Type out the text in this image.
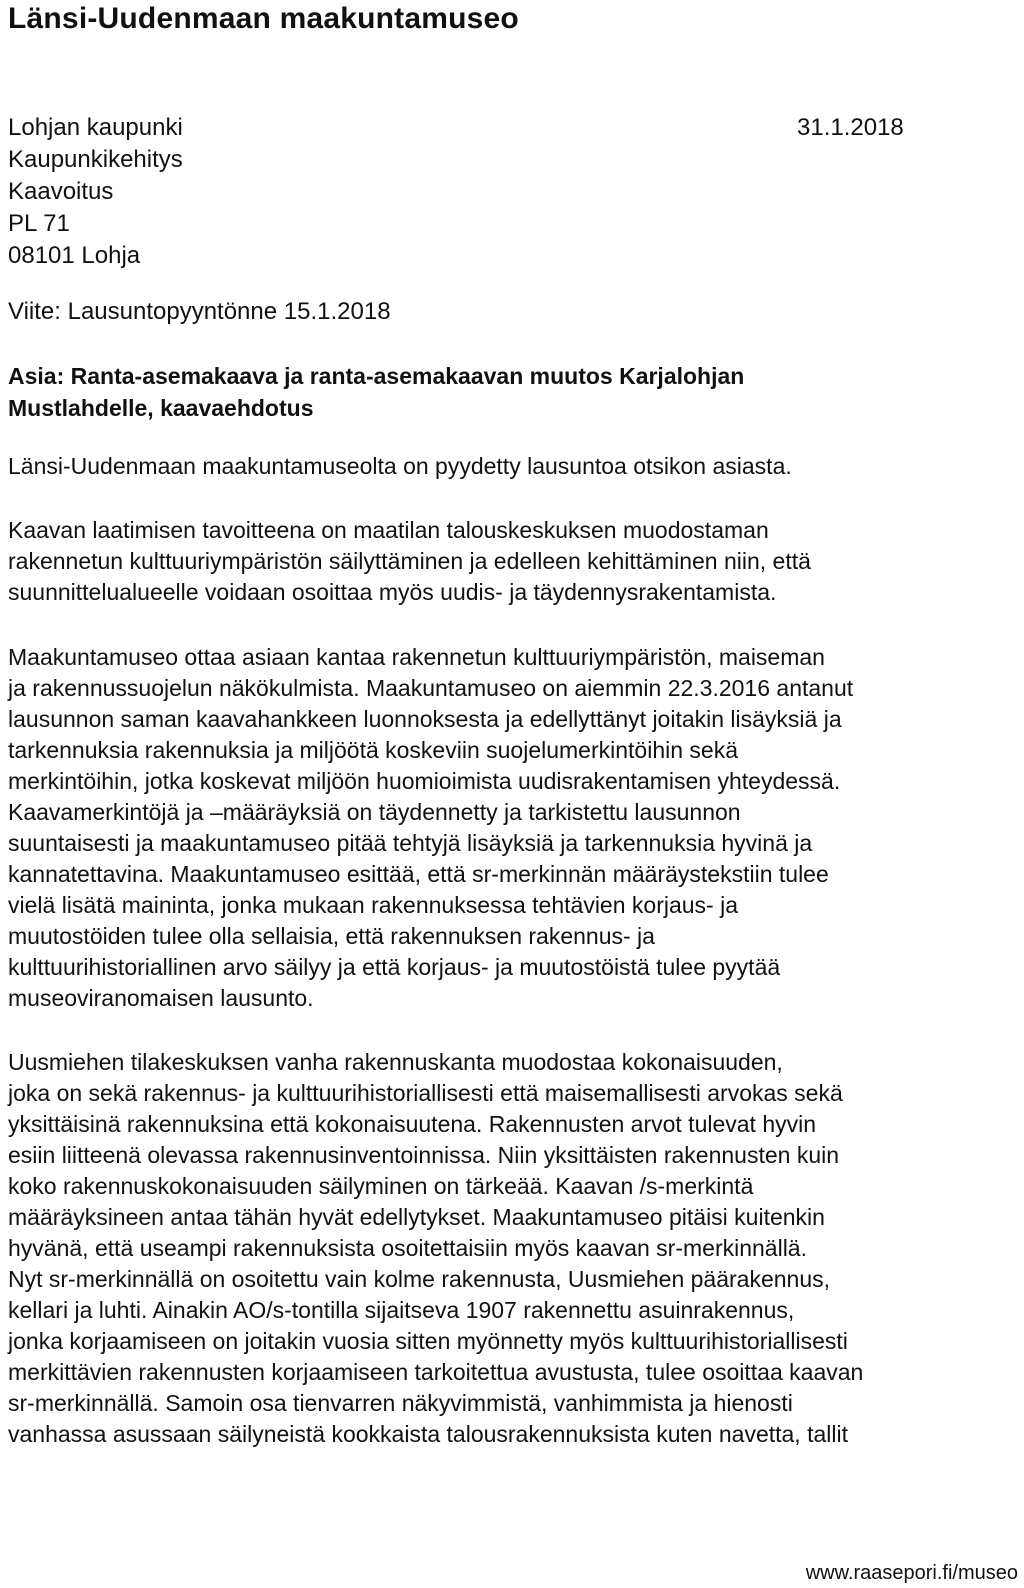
Länsi-Uudenmaan maakuntamuseo
Lohjan kaupunki
Kaupunkikehitys
Kaavoitus
PL 71
08101 Lohja
31.1.2018
Viite: Lausuntopyyntönne 15.1.2018
Asia: Ranta-asemakaava ja ranta-asemakaavan muutos Karjalohjan
Mustlahdelle, kaavaehdotus
Länsi-Uudenmaan maakuntamuseolta on pyydetty lausuntoa otsikon asiasta.
Kaavan laatimisen tavoitteena on maatilan talouskeskuksen muodostaman
rakennetun kulttuuriympäristön säilyttäminen ja edelleen kehittäminen niin, että
suunnittelualueelle voidaan osoittaa myös uudis- ja täydennysrakentamista.
Maakuntamuseo ottaa asiaan kantaa rakennetun kulttuuriympäristön, maiseman
ja rakennussuojelun näkökulmista. Maakuntamuseo on aiemmin 22.3.2016 antanut
lausunnon saman kaavahankkeen luonnoksesta ja edellyttänyt joitakin lisäyksiä ja
tarkennuksia rakennuksia ja miljöötä koskeviin suojelumerkintöihin sekä
merkintöihin, jotka koskevat miljöön huomioimista uudisrakentamisen yhteydessä.
Kaavamerkintöjä ja –määräyksiä on täydennetty ja tarkistettu lausunnon
suuntaisesti ja maakuntamuseo pitää tehtyjä lisäyksiä ja tarkennuksia hyvinä ja
kannatettavina. Maakuntamuseo esittää, että sr-merkinnän määräystekstiin tulee
vielä lisätä maininta, jonka mukaan rakennuksessa tehtävien korjaus- ja
muutostöiden tulee olla sellaisia, että rakennuksen rakennus- ja
kulttuurihistoriallinen arvo säilyy ja että korjaus- ja muutostöistä tulee pyytää
museoviranomaisen lausunto.
Uusmiehen tilakeskuksen vanha rakennuskanta muodostaa kokonaisuuden,
joka on sekä rakennus- ja kulttuurihistoriallisesti että maisemallisesti arvokas sekä
yksittäisinä rakennuksina että kokonaisuutena. Rakennusten arvot tulevat hyvin
esiin liitteenä olevassa rakennusinventoinnissa. Niin yksittäisten rakennusten kuin
koko rakennuskokonaisuuden säilyminen on tärkeää. Kaavan /s-merkintä
määräyksineen antaa tähän hyvät edellytykset. Maakuntamuseo pitäisi kuitenkin
hyvänä, että useampi rakennuksista osoitettaisiin myös kaavan sr-merkinnällä.
Nyt sr-merkinnällä on osoitettu vain kolme rakennusta, Uusmiehen päärakennus,
kellari ja luhti. Ainakin AO/s-tontilla sijaitseva 1907 rakennettu asuinrakennus,
jonka korjaamiseen on joitakin vuosia sitten myönnetty myös kulttuurihistoriallisesti
merkittävien rakennusten korjaamiseen tarkoitettua avustusta, tulee osoittaa kaavan
sr-merkinnällä. Samoin osa tienvarren näkyvimmistä, vanhimmista ja hienosti
vanhassa asussaan säilyneistä kookkaista talousrakennuksista kuten navetta, tallit
www.raasepori.fi/museo
